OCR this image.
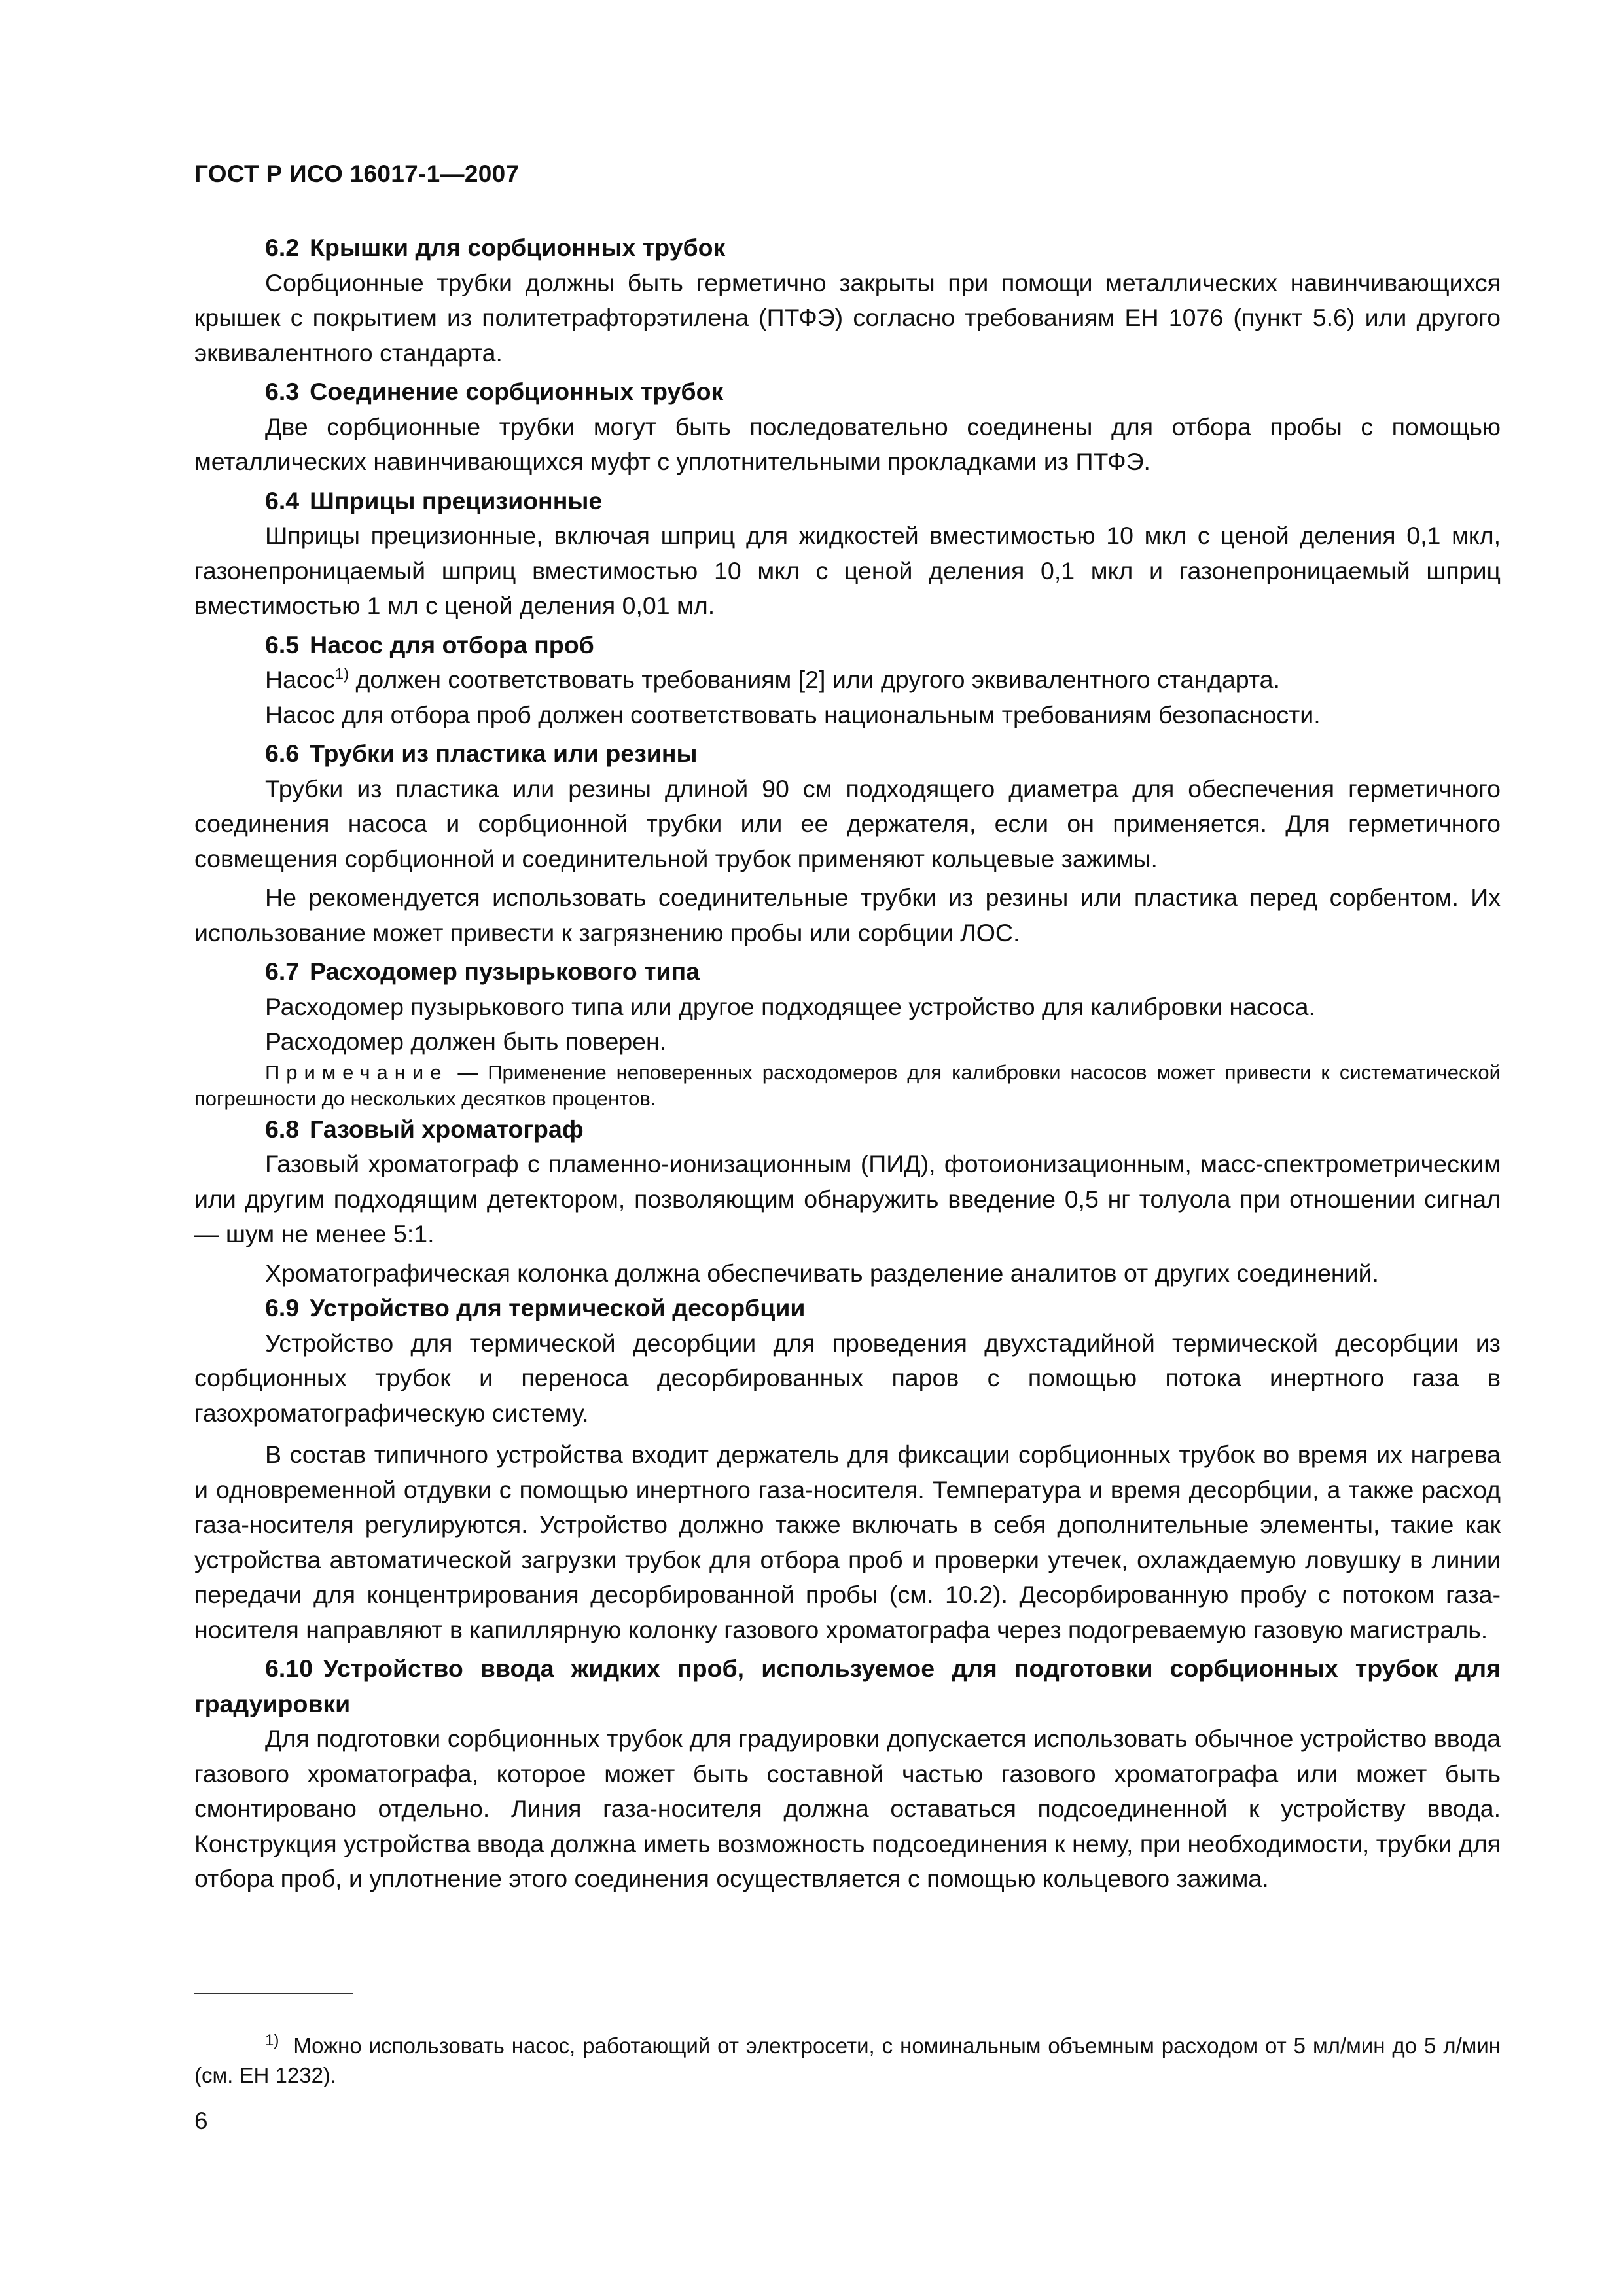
ГОСТ Р ИСО 16017-1—2007
6.2 Крышки для сорбционных трубок

Сорбционные трубки должны быть герметично закрыты при помощи металлических навинчивающихся крышек с покрытием из политетрафторэтилена (ПТФЭ) согласно требованиям ЕН 1076 (пункт 5.6) или другого эквивалентного стандарта.

6.3 Соединение сорбционных трубок

Две сорбционные трубки могут быть последовательно соединены для отбора пробы с помощью металлических навинчивающихся муфт с уплотнительными прокладками из ПТФЭ.

6.4 Шприцы прецизионные

Шприцы прецизионные, включая шприц для жидкостей вместимостью 10 мкл с ценой деления 0,1 мкл, газонепроницаемый шприц вместимостью 10 мкл с ценой деления 0,1 мкл и газонепроницаемый шприц вместимостью 1 мл с ценой деления 0,01 мл.

6.5 Насос для отбора проб

Насос$^{1)}$ должен соответствовать требованиям [2] или другого эквивалентного стандарта.

Насос для отбора проб должен соответствовать национальным требованиям безопасности.

6.6 Трубки из пластика или резины

Трубки из пластика или резины длиной 90 см подходящего диаметра для обеспечения герметичного соединения насоса и сорбционной трубки или ее держателя, если он применяется. Для герметичного совмещения сорбционной и соединительной трубок применяют кольцевые зажимы.

Не рекомендуется использовать соединительные трубки из резины или пластика перед сорбентом. Их использование может привести к загрязнению пробы или сорбции ЛОС.

6.7 Расходомер пузырькового типа

Расходомер пузырькового типа или другое подходящее устройство для калибровки насоса.

Расходомер должен быть поверен.

Примечание — Применение неповеренных расходомеров для калибровки насосов может привести к систематической погрешности до нескольких десятков процентов.

6.8 Газовый хроматограф

Газовый хроматограф с пламенно-ионизационным (ПИД), фотоионизационным, масс-спектрометрическим или другим подходящим детектором, позволяющим обнаружить введение 0,5 нг толуола при отношении сигнал — шум не менее 5:1.

Хроматографическая колонка должна обеспечивать разделение аналитов от других соединений.

6.9 Устройство для термической десорбции

Устройство для термической десорбции для проведения двухстадийной термической десорбции из сорбционных трубок и переноса десорбированных паров с помощью потока инертного газа в газохроматографическую систему.

В состав типичного устройства входит держатель для фиксации сорбционных трубок во время их нагрева и одновременной отдувки с помощью инертного газа-носителя. Температура и время десорбции, а также расход газа-носителя регулируются. Устройство должно также включать в себя дополнительные элементы, такие как устройства автоматической загрузки трубок для отбора проб и проверки утечек, охлаждаемую ловушку в линии передачи для концентрирования десорбированной пробы (см. 10.2). Десорбированную пробу с потоком газа-носителя направляют в капиллярную колонку газового хроматографа через подогреваемую газовую магистраль.

6.10 Устройство ввода жидких проб, используемое для подготовки сорбционных трубок для градуировки

Для подготовки сорбционных трубок для градуировки допускается использовать обычное устройство ввода газового хроматографа, которое может быть составной частью газового хроматографа или может быть смонтировано отдельно. Линия газа-носителя должна оставаться подсоединенной к устройству ввода. Конструкция устройства ввода должна иметь возможность подсоединения к нему, при необходимости, трубки для отбора проб, и уплотнение этого соединения осуществляется с помощью кольцевого зажима.

$^{1)}$ Можно использовать насос, работающий от электросети, с номинальным объемным расходом от 5 мл/мин до 5 л/мин (см. ЕН 1232).

6
